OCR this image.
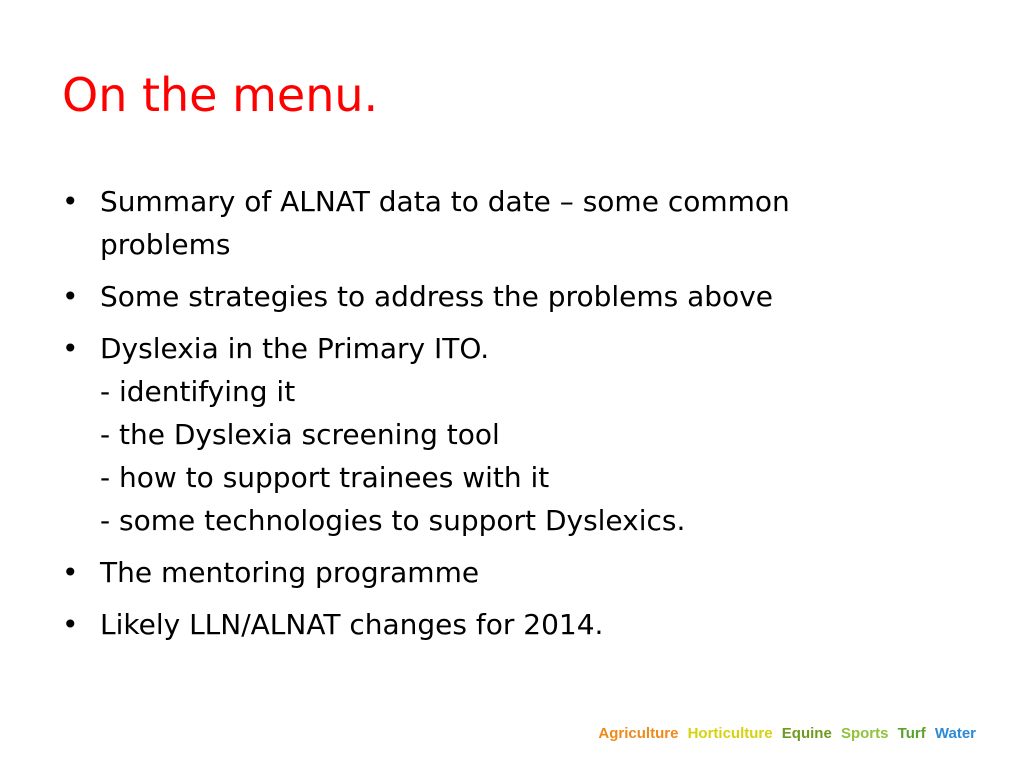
On the menu.
• Summary of ALNAT data to date – some common
problems
• Some strategies to address the problems above
• Dyslexia in the Primary ITO.
- identifying it
- the Dyslexia screening tool
- how to support trainees with it
- some technologies to support Dyslexics.
• The mentoring programme
• Likely LLN/ALNAT changes for 2014.
Agriculture Horticulture Equine Sports Turf Water
